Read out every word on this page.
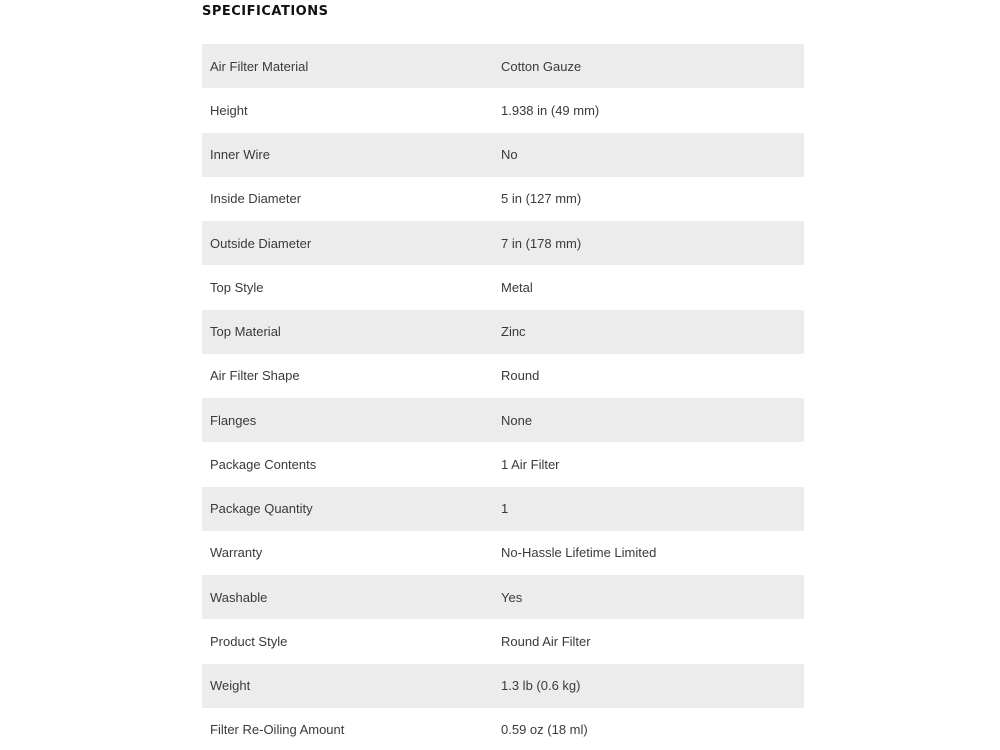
SPECIFICATIONS
Air Filter Material	Cotton Gauze
Height	1.938 in (49 mm)
Inner Wire	No
Inside Diameter	5 in (127 mm)
Outside Diameter	7 in (178 mm)
Top Style	Metal
Top Material	Zinc
Air Filter Shape	Round
Flanges	None
Package Contents	1 Air Filter
Package Quantity	1
Warranty	No-Hassle Lifetime Limited
Washable	Yes
Product Style	Round Air Filter
Weight	1.3 lb (0.6 kg)
Filter Re-Oiling Amount	0.59 oz (18 ml)
